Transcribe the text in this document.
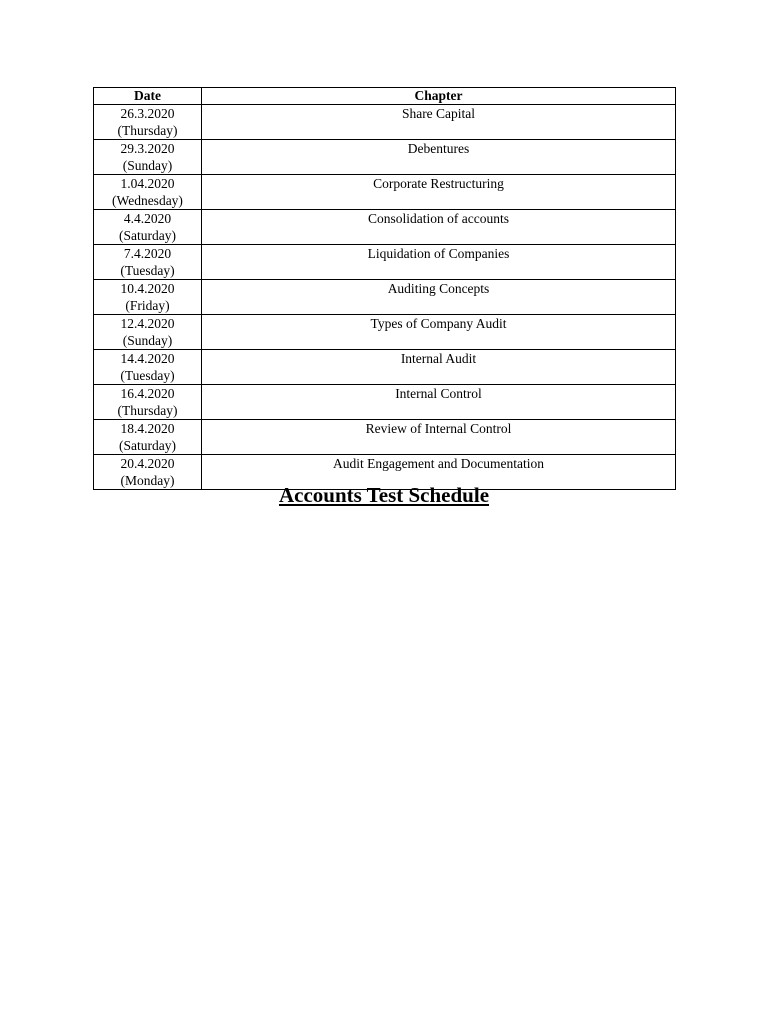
Date	Chapter

26.3.2020
(Thursday)	Share Capital

29.3.2020
(Sunday)	Debentures

1.04.2020
(Wednesday)	Corporate Restructuring

4.4.2020
(Saturday)	Consolidation of accounts

7.4.2020
(Tuesday)	Liquidation of Companies

10.4.2020
(Friday)	Auditing Concepts

12.4.2020
(Sunday)	Types of Company Audit

14.4.2020
(Tuesday)	Internal Audit

16.4.2020
(Thursday)	Internal Control

18.4.2020
(Saturday)	Review of Internal Control

20.4.2020
(Monday)	Audit Engagement and Documentation
Accounts Test Schedule
